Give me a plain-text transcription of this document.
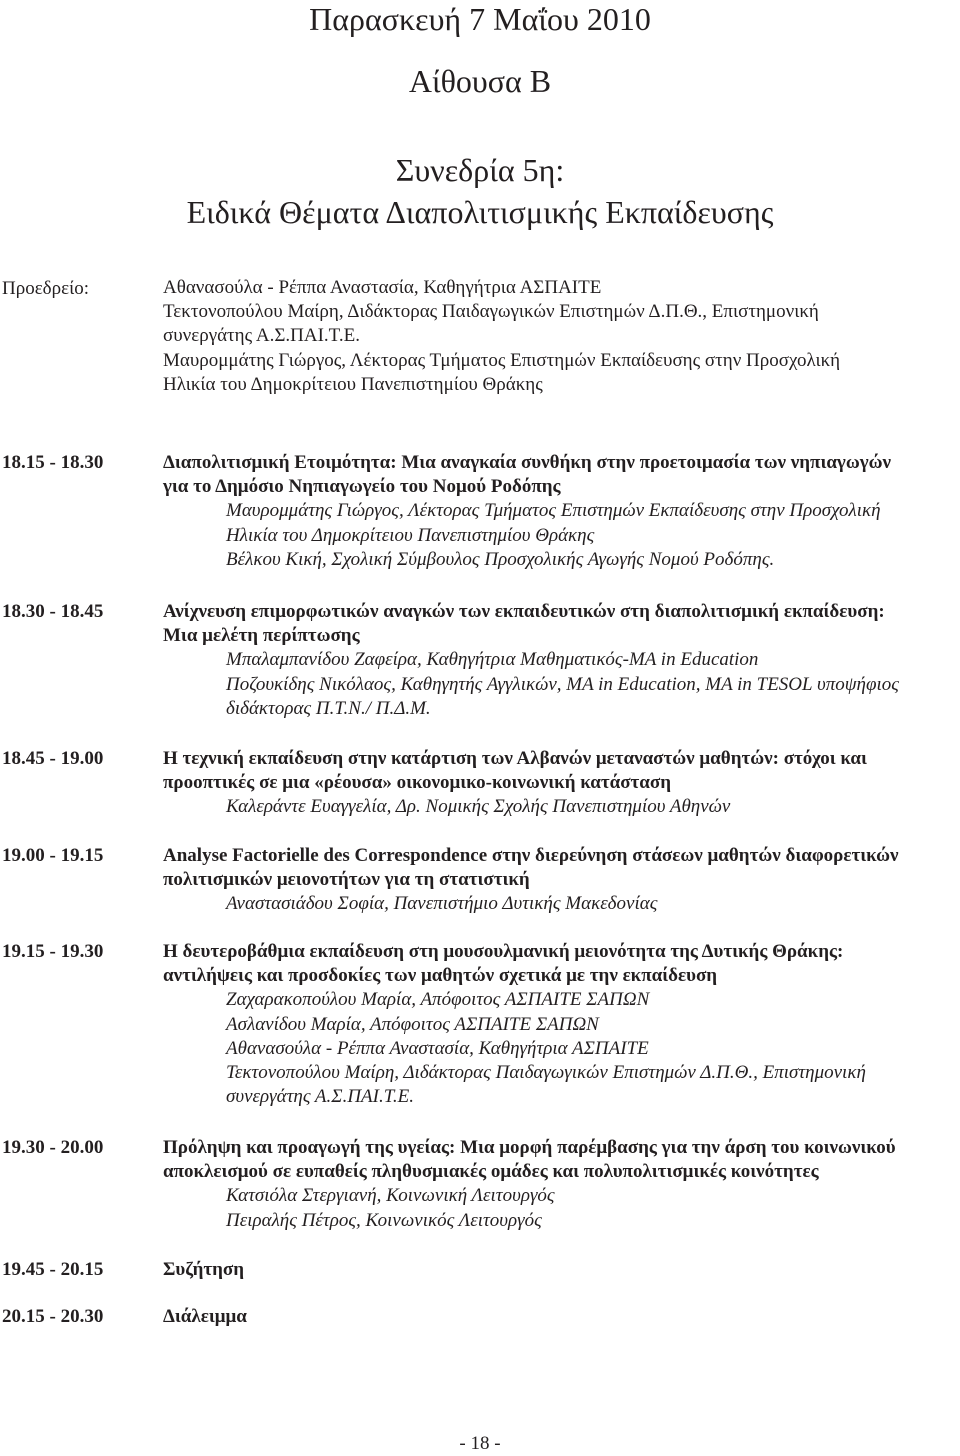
Παρασκευή 7 Μαΐου 2010
Αίθουσα Β
Συνεδρία 5η:
Ειδικά Θέματα Διαπολιτισμικής Εκπαίδευσης
Προεδρείο:	Αθανασούλα - Ρέππα Αναστασία, Καθηγήτρια ΑΣΠΑΙΤΕ
Τεκτονοπούλου Μαίρη, Διδάκτορας Παιδαγωγικών Επιστημών Δ.Π.Θ., Επιστημονική
συνεργάτης Α.Σ.ΠΑΙ.Τ.Ε.
Μαυρομμάτης Γιώργος, Λέκτορας Τμήματος Επιστημών Εκπαίδευσης στην Προσχολική
Ηλικία του Δημοκρίτειου Πανεπιστημίου Θράκης
18.15 - 18.30	Διαπολιτισμική Ετοιμότητα: Μια αναγκαία συνθήκη στην προετοιμασία των νηπιαγωγών
για το Δημόσιο Νηπιαγωγείο του Νομού Ροδόπης
Μαυρομμάτης Γιώργος, Λέκτορας Τμήματος Επιστημών Εκπαίδευσης στην Προσχολική
Ηλικία του Δημοκρίτειου Πανεπιστημίου Θράκης
Βέλκου Κική, Σχολική Σύμβουλος Προσχολικής Αγωγής Νομού Ροδόπης.
18.30 - 18.45	Ανίχνευση επιμορφωτικών αναγκών των εκπαιδευτικών στη διαπολιτισμική εκπαίδευση:
Μια μελέτη περίπτωσης
Μπαλαμπανίδου Ζαφείρα, Καθηγήτρια Μαθηματικός-ΜΑ in Education
Ποζουκίδης Νικόλαος, Καθηγητής Αγγλικών, MA in Education, MA in TESOL υποψήφιος
διδάκτορας Π.Τ.Ν./ Π.Δ.Μ.
18.45 - 19.00	Η τεχνική εκπαίδευση στην κατάρτιση των Αλβανών μεταναστών μαθητών: στόχοι και
προοπτικές σε μια «ρέουσα» οικονομικο-κοινωνική κατάσταση
Καλεράντε Ευαγγελία, Δρ. Νομικής Σχολής Πανεπιστημίου Αθηνών
19.00 - 19.15	Analyse Factorielle des Correspondence στην διερεύνηση στάσεων μαθητών διαφορετικών
πολιτισμικών μειονοτήτων για τη στατιστική
Αναστασιάδου Σοφία, Πανεπιστήμιο Δυτικής Μακεδονίας
19.15 - 19.30	Η δευτεροβάθμια εκπαίδευση στη μουσουλμανική μειονότητα της Δυτικής Θράκης:
αντιλήψεις και προσδοκίες των μαθητών σχετικά με την εκπαίδευση
Ζαχαρακοπούλου Μαρία, Απόφοιτος ΑΣΠΑΙΤΕ ΣΑΠΩΝ
Ασλανίδου Μαρία, Απόφοιτος ΑΣΠΑΙΤΕ ΣΑΠΩΝ
Αθανασούλα - Ρέππα Αναστασία, Καθηγήτρια ΑΣΠΑΙΤΕ
Τεκτονοπούλου Μαίρη, Διδάκτορας Παιδαγωγικών Επιστημών Δ.Π.Θ., Επιστημονική
συνεργάτης Α.Σ.ΠΑΙ.Τ.Ε.
19.30 - 20.00	Πρόληψη και προαγωγή της υγείας: Μια μορφή παρέμβασης για την άρση του κοινωνικού
αποκλεισμού σε ευπαθείς πληθυσμιακές ομάδες και πολυπολιτισμικές κοινότητες
Κατσιόλα Στεργιανή, Κοινωνική Λειτουργός
Πειραλής Πέτρος, Κοινωνικός Λειτουργός
19.45 - 20.15	Συζήτηση
20.15 - 20.30	Διάλειμμα
- 18 -
